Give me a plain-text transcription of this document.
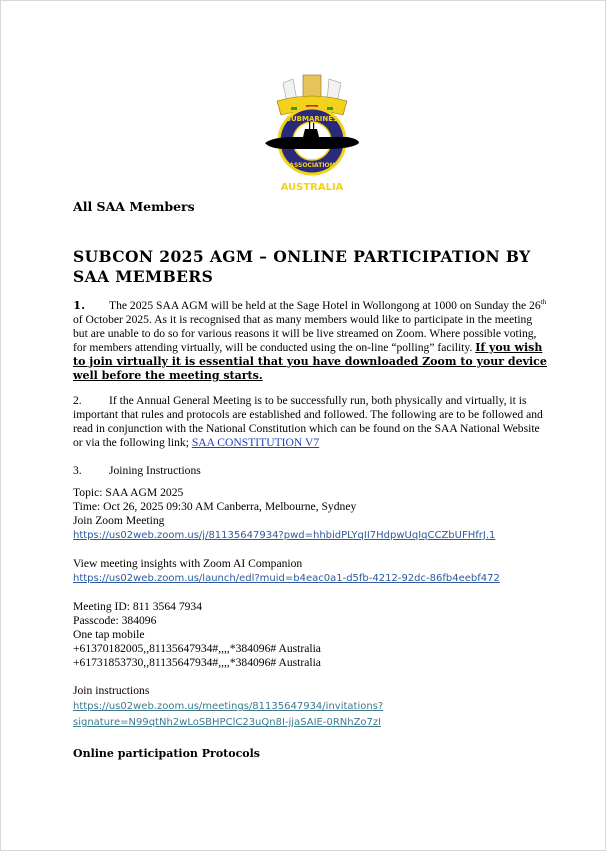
SUBMARINES
ASSOCIATION
AUSTRALIA
All SAA Members
SUBCON 2025 AGM – ONLINE PARTICIPATION BY
SAA MEMBERS
1. The 2025 SAA AGM will be held at the Sage Hotel in Wollongong at 1000 on Sunday the 26th
of October 2025. As it is recognised that as many members would like to participate in the meeting
but are unable to do so for various reasons it will be live streamed on Zoom. Where possible voting,
for members attending virtually, will be conducted using the on-line “polling” facility. If you wish
to join virtually it is essential that you have downloaded Zoom to your device
well before the meeting starts.
2. If the Annual General Meeting is to be successfully run, both physically and virtually, it is
important that rules and protocols are established and followed. The following are to be followed and
read in conjunction with the National Constitution which can be found on the SAA National Website
or via the following link; SAA CONSTITUTION V7
3. Joining Instructions
Topic: SAA AGM 2025
Time: Oct 26, 2025 09:30 AM Canberra, Melbourne, Sydney
Join Zoom Meeting
https://us02web.zoom.us/j/81135647934?pwd=hhbidPLYqII7HdpwUqIqCCZbUFHfrJ.1
View meeting insights with Zoom AI Companion
https://us02web.zoom.us/launch/edl?muid=b4eac0a1-d5fb-4212-92dc-86fb4eebf472
Meeting ID: 811 3564 7934
Passcode: 384096
One tap mobile
+61370182005,,81135647934#,,,,*384096# Australia
+61731853730,,81135647934#,,,,*384096# Australia
Join instructions
https://us02web.zoom.us/meetings/81135647934/invitations?
signature=N99qtNh2wLoSBHPClC23uQn8I-jjaSAIE-0RNhZo7zI
Online participation Protocols
